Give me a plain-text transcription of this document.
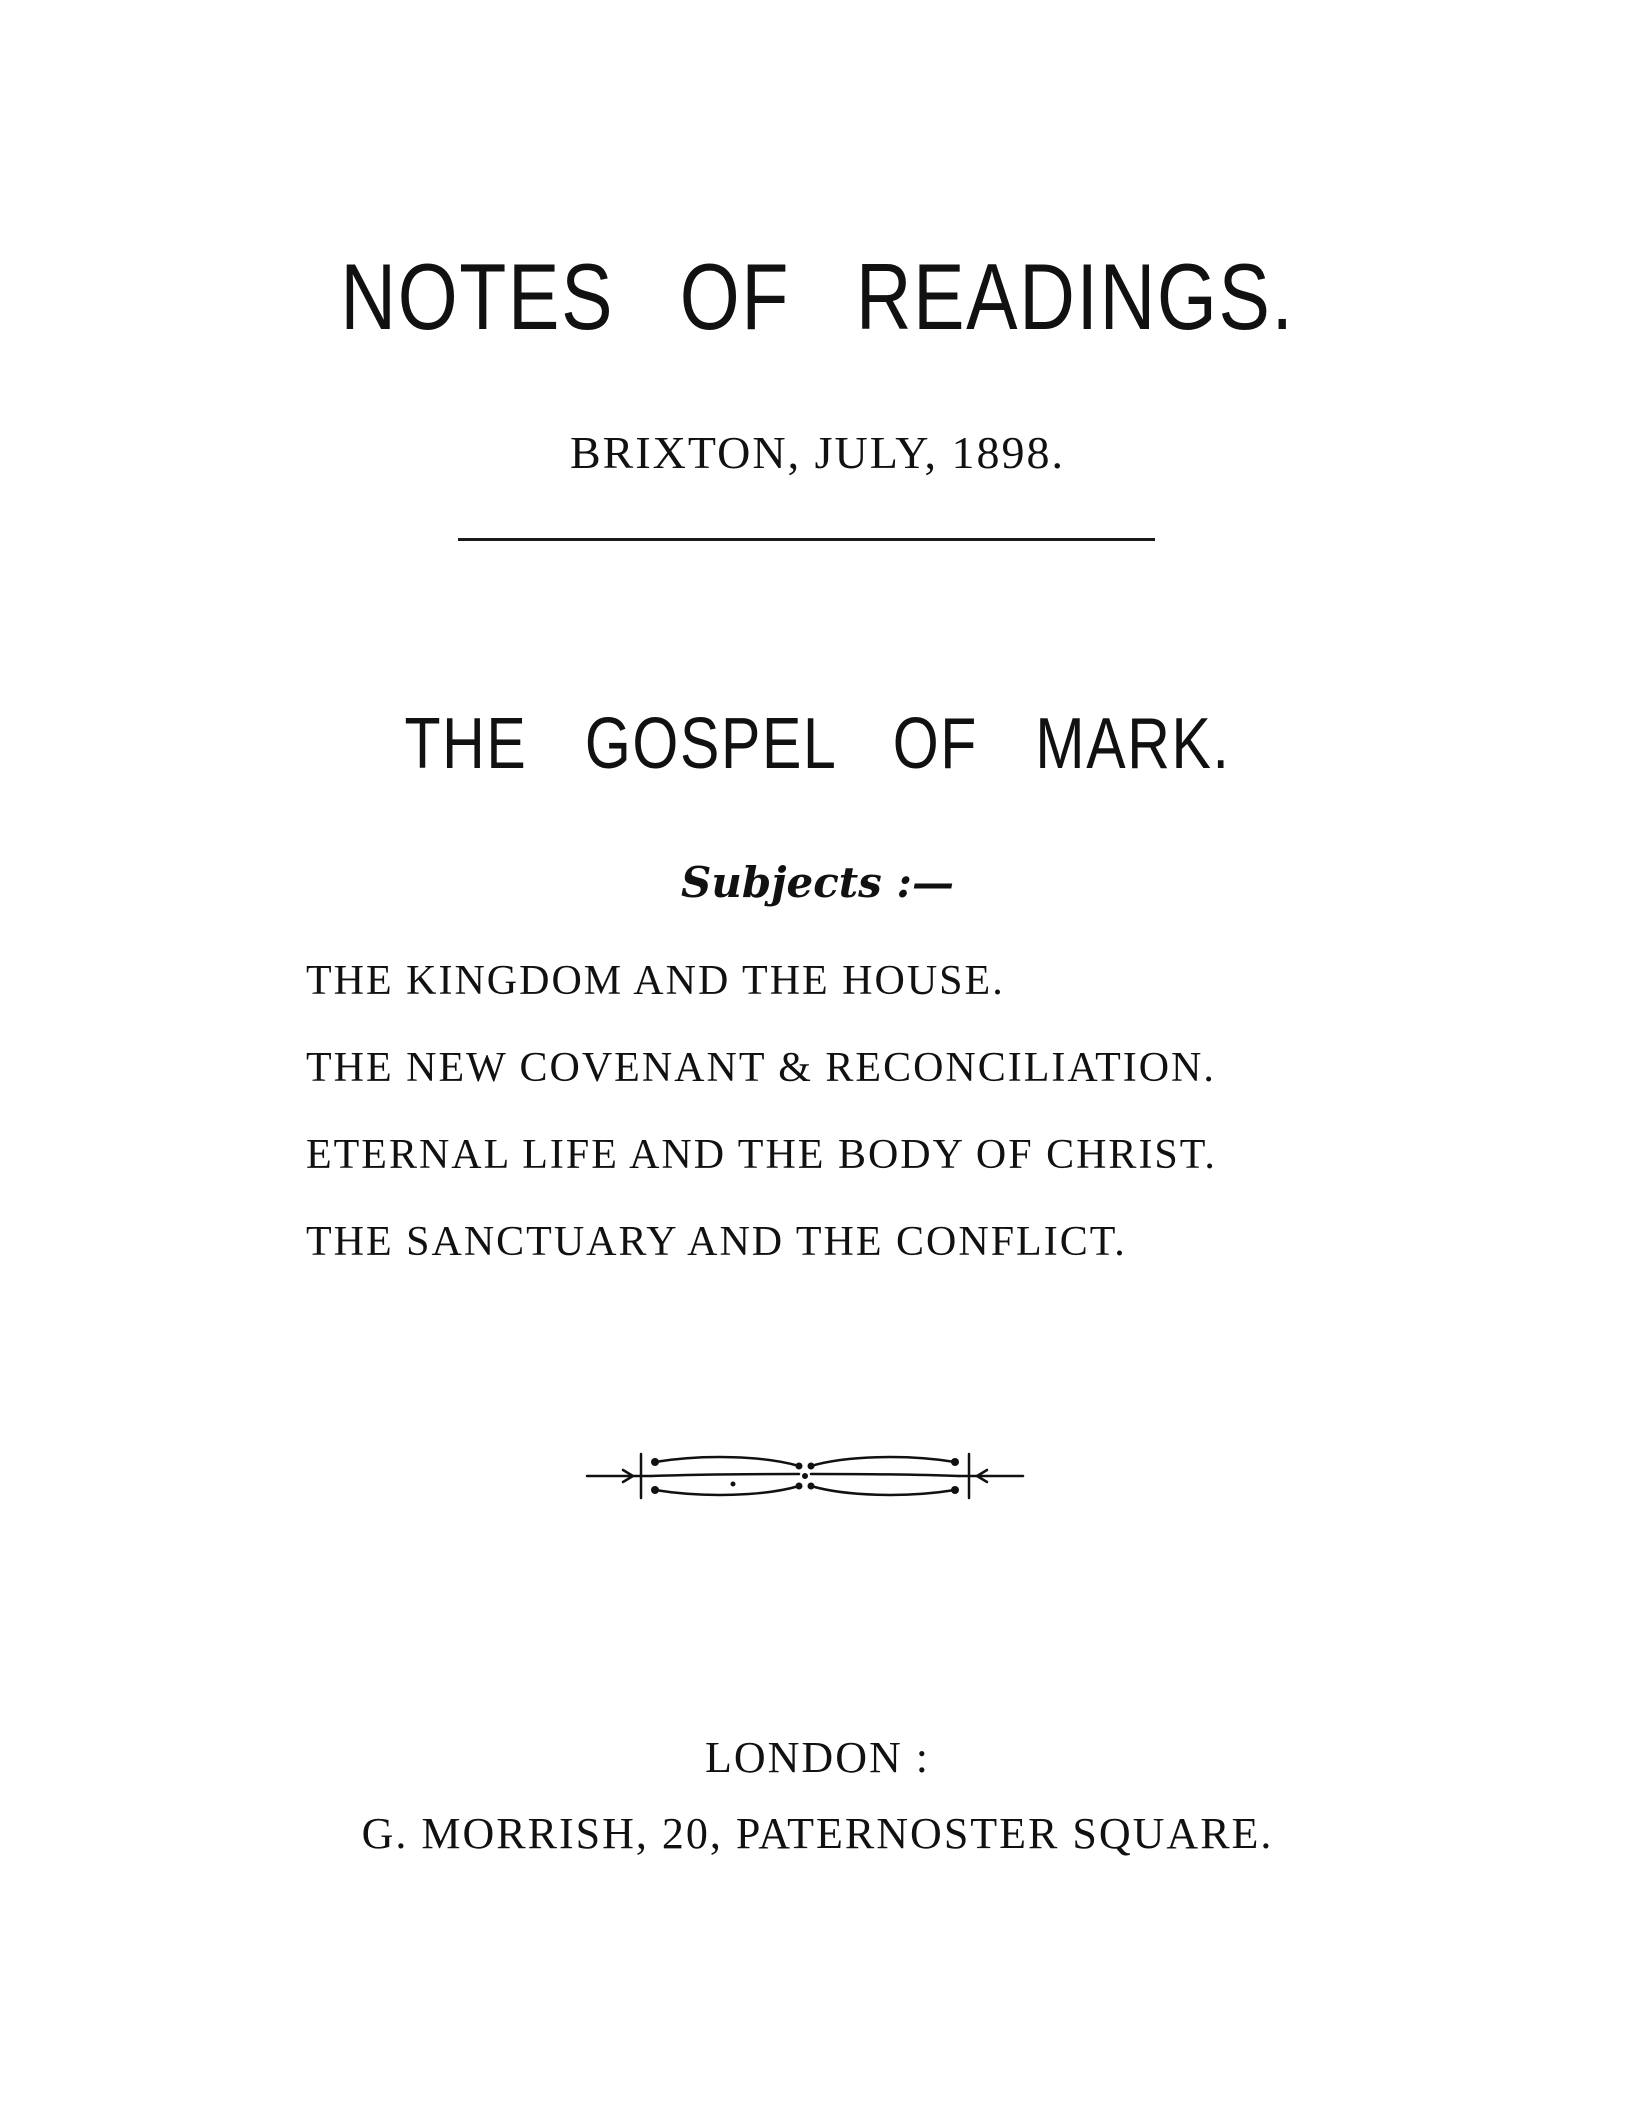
NOTES OF READINGS.
BRIXTON, JULY, 1898.
THE GOSPEL OF MARK.
Subjects :—
THE KINGDOM AND THE HOUSE.
THE NEW COVENANT & RECONCILIATION.
ETERNAL LIFE AND THE BODY OF CHRIST.
THE SANCTUARY AND THE CONFLICT.
LONDON :
G. MORRISH, 20, PATERNOSTER SQUARE.
